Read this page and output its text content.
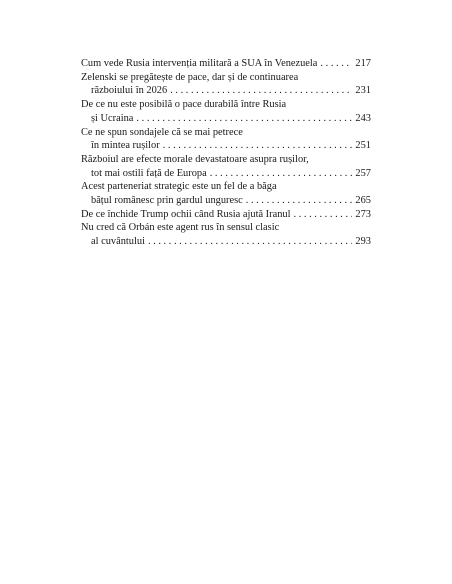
Cum vede Rusia intervenția militară a SUA în Venezuela . . .	217
Zelenski se pregătește de pace, dar și de continuarea
războiului în 2026 . . .	231
De ce nu este posibilă o pace durabilă între Rusia
și Ucraina . . .	243
Ce ne spun sondajele că se mai petrece
în mintea rușilor . . .	251
Războiul are efecte morale devastatoare asupra rușilor,
tot mai ostili față de Europa . . .	257
Acest parteneriat strategic este un fel de a băga
bățul românesc prin gardul unguresc . . .	265
De ce închide Trump ochii când Rusia ajută Iranul . . .	273
Nu cred că Orbán este agent rus în sensul clasic
al cuvântului . . .	293
